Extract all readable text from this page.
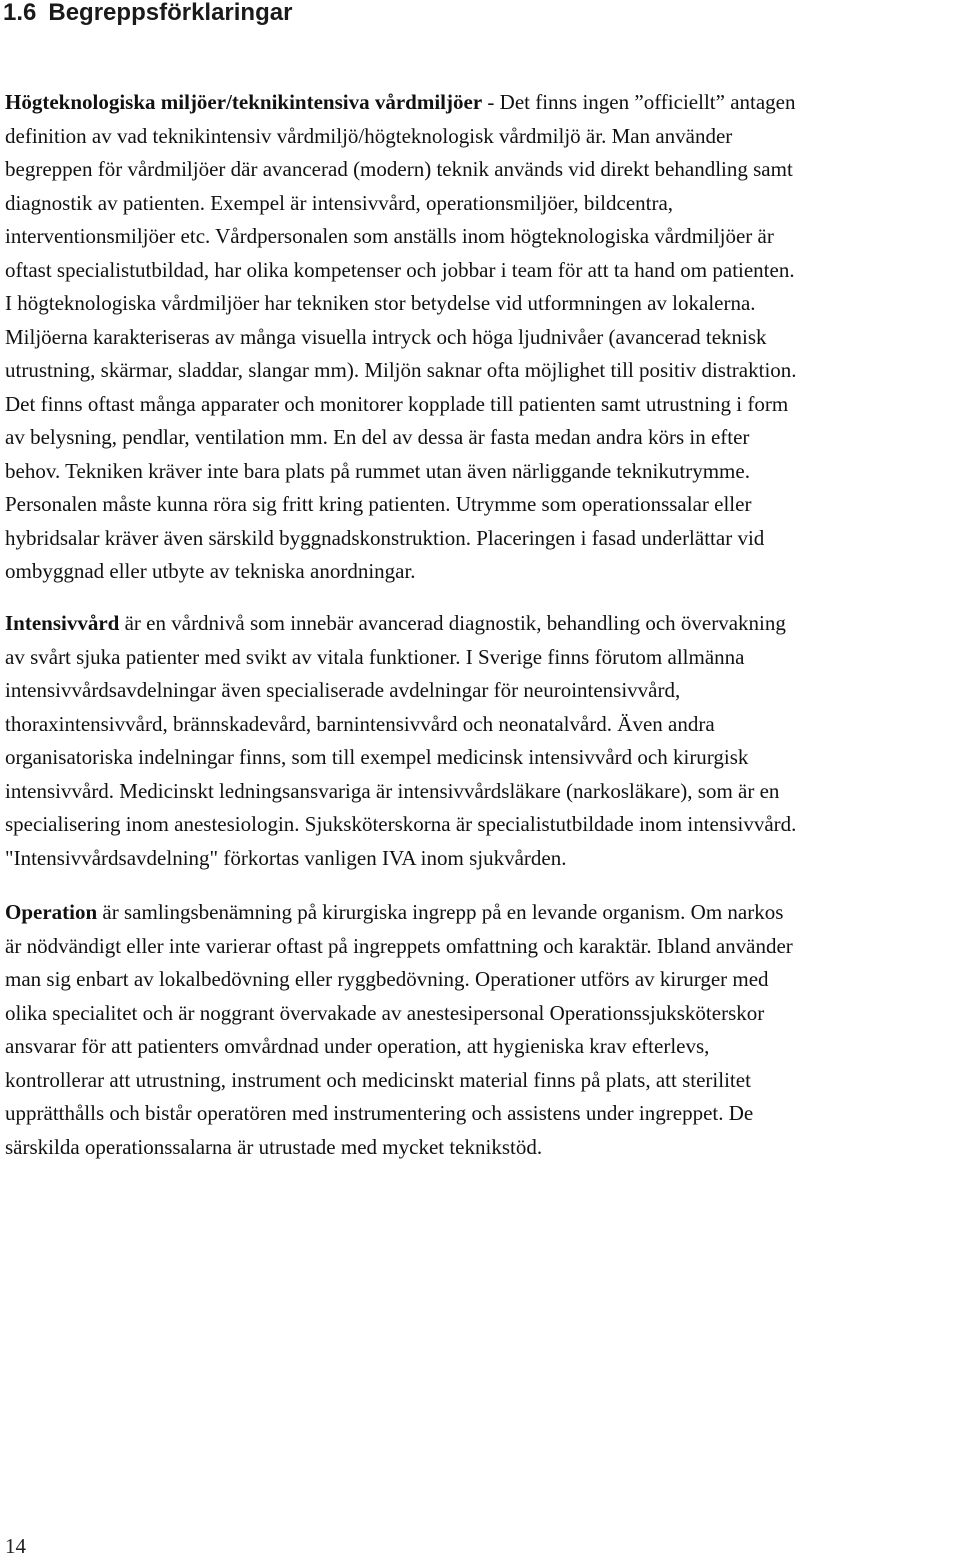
1.6 Begreppsförklaringar

Högteknologiska miljöer/teknikintensiva vårdmiljöer - Det finns ingen ”officiellt” antagen
definition av vad teknikintensiv vårdmiljö/högteknologisk vårdmiljö är. Man använder
begreppen för vårdmiljöer där avancerad (modern) teknik används vid direkt behandling samt
diagnostik av patienten. Exempel är intensivvård, operationsmiljöer, bildcentra,
interventionsmiljöer etc. Vårdpersonalen som anställs inom högteknologiska vårdmiljöer är
oftast specialistutbildad, har olika kompetenser och jobbar i team för att ta hand om patienten.
I högteknologiska vårdmiljöer har tekniken stor betydelse vid utformningen av lokalerna.
Miljöerna karakteriseras av många visuella intryck och höga ljudnivåer (avancerad teknisk
utrustning, skärmar, sladdar, slangar mm). Miljön saknar ofta möjlighet till positiv distraktion.
Det finns oftast många apparater och monitorer kopplade till patienten samt utrustning i form
av belysning, pendlar, ventilation mm. En del av dessa är fasta medan andra körs in efter
behov. Tekniken kräver inte bara plats på rummet utan även närliggande teknikutrymme.
Personalen måste kunna röra sig fritt kring patienten. Utrymme som operationssalar eller
hybridsalar kräver även särskild byggnadskonstruktion. Placeringen i fasad underlättar vid
ombyggnad eller utbyte av tekniska anordningar.

Intensivvård är en vårdnivå som innebär avancerad diagnostik, behandling och övervakning
av svårt sjuka patienter med svikt av vitala funktioner. I Sverige finns förutom allmänna
intensivvårdsavdelningar även specialiserade avdelningar för neurointensivvård,
thoraxintensivvård, brännskadevård, barnintensivvård och neonatalvård. Även andra
organisatoriska indelningar finns, som till exempel medicinsk intensivvård och kirurgisk
intensivvård. Medicinskt ledningsansvariga är intensivvårdsläkare (narkosläkare), som är en
specialisering inom anestesiologin. Sjuksköterskorna är specialistutbildade inom intensivvård.
"Intensivvårdsavdelning" förkortas vanligen IVA inom sjukvården.

Operation är samlingsbenämning på kirurgiska ingrepp på en levande organism. Om narkos
är nödvändigt eller inte varierar oftast på ingreppets omfattning och karaktär. Ibland använder
man sig enbart av lokalbedövning eller ryggbedövning. Operationer utförs av kirurger med
olika specialitet och är noggrant övervakade av anestesipersonal Operationssjuksköterskor
ansvarar för att patienters omvårdnad under operation, att hygieniska krav efterlevs,
kontrollerar att utrustning, instrument och medicinskt material finns på plats, att sterilitet
upprätthålls och bistår operatören med instrumentering och assistens under ingreppet. De
särskilda operationssalarna är utrustade med mycket teknikstöd.

14
